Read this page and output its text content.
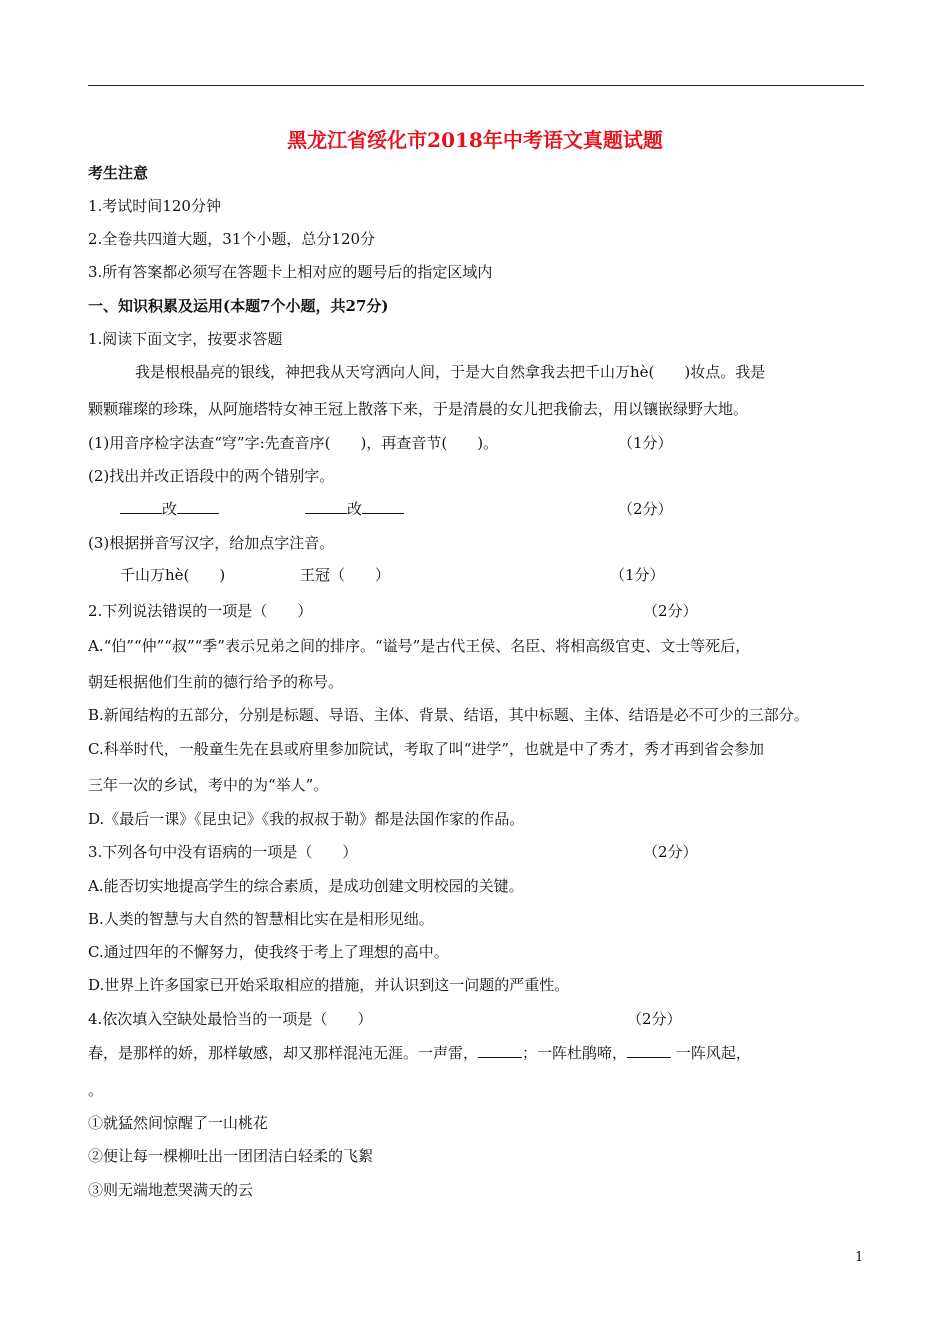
黑龙江省绥化市2018年中考语文真题试题
考生注意
1.考试时间120分钟
2.全卷共四道大题，31个小题，总分120分
3.所有答案都必须写在答题卡上相对应的题号后的指定区域内
一、知识积累及运用(本题7个小题，共27分)
1.阅读下面文字，按要求答题
我是根根晶亮的银线，神把我从天穹洒向人间，于是大自然拿我去把千山万hè(　　)妆点。我是
颗颗璀璨的珍珠，从阿施塔特女神王冠上散落下来，于是清晨的女儿把我偷去，用以镶嵌绿野大地。
(1)用音序检字法查“穹”字:先查音序(　　)，再查音节(　　)。	（1分）
(2)找出并改正语段中的两个错别字。
改	改	（2分）
(3)根据拼音写汉字，给加点字注音。
千山万hè(　　)	王冠（　　）	（1分）
2.下列说法错误的一项是（　　）	（2分）
A.“伯”“仲”“叔”“季”表示兄弟之间的排序。“谥号”是古代王侯、名臣、将相高级官吏、文士等死后，
朝廷根据他们生前的德行给予的称号。
B.新闻结构的五部分，分别是标题、导语、主体、背景、结语，其中标题、主体、结语是必不可少的三部分。
C.科举时代，一般童生先在县或府里参加院试，考取了叫“进学”，也就是中了秀才，秀才再到省会参加
三年一次的乡试，考中的为“举人”。
D.《最后一课》《昆虫记》《我的叔叔于勒》都是法国作家的作品。
3.下列各句中没有语病的一项是（　　）	（2分）
A.能否切实地提高学生的综合素质，是成功创建文明校园的关键。
B.人类的智慧与大自然的智慧相比实在是相形见绌。
C.通过四年的不懈努力，使我终于考上了理想的高中。
D.世界上许多国家已开始采取相应的措施，并认识到这一问题的严重性。
4.依次填入空缺处最恰当的一项是（　　）	（2分）
春，是那样的娇，那样敏感，却又那样混沌无涯。一声雷，	；一阵杜鹃啼，	一阵风起，
。
①就猛然间惊醒了一山桃花
②便让每一棵柳吐出一团团洁白轻柔的飞絮
③则无端地惹哭满天的云
1
